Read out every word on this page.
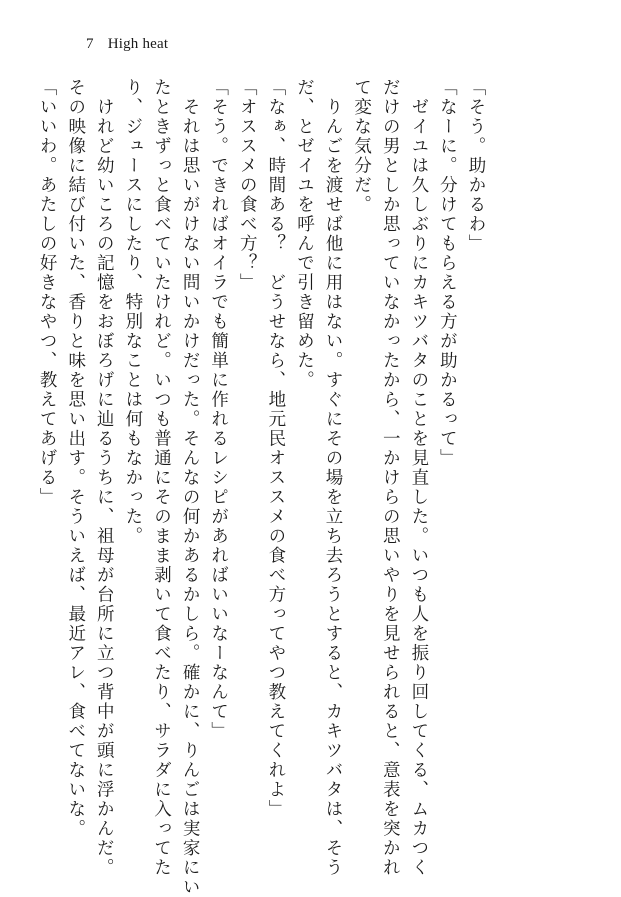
7 High heat

「そう。助かるわ」

「なーに。分けてもらえる方が助かるって」

　ゼイユは久しぶりにカキツバタのことを見直した。いつも人を振り回してくる、ムカつく

だけの男としか思っていなかったから、一かけらの思いやりを見せられると、意表を突かれ

て変な気分だ。

　りんごを渡せば他に用はない。すぐにその場を立ち去ろうとすると、カキツバタは、そう

だ、とゼイユを呼んで引き留めた。

「なぁ、時間ある？　どうせなら、地元民オススメの食べ方ってやつ教えてくれよ」

「オススメの食べ方？」

「そう。できればオイラでも簡単に作れるレシピがあればいいなーなんて」

　それは思いがけない問いかけだった。そんなの何かあるかしら。確かに、りんごは実家にい

たときずっと食べていたけれど。いつも普通にそのまま剥いて食べたり、サラダに入ってた

り、ジュースにしたり、特別なことは何もなかった。

　けれど幼いころの記憶をおぼろげに辿るうちに、祖母が台所に立つ背中が頭に浮かんだ。

その映像に結び付いた、香りと味を思い出す。そういえば、最近アレ、食べてないな。

「いいわ。あたしの好きなやつ、教えてあげる」
